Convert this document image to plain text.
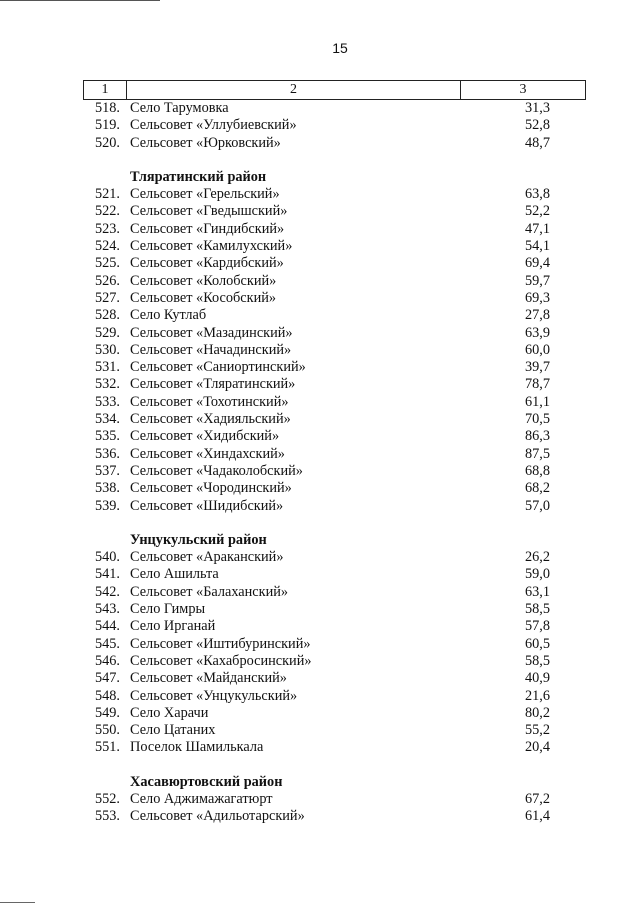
15
1	2	3
518. Село Тарумовка	31,3
519. Сельсовет «Уллубиевский»	52,8
520. Сельсовет «Юрковский»	48,7
Тляратинский район
521. Сельсовет «Герельский»	63,8
522. Сельсовет «Гведышский»	52,2
523. Сельсовет «Гиндибский»	47,1
524. Сельсовет «Камилухский»	54,1
525. Сельсовет «Кардибский»	69,4
526. Сельсовет «Колобский»	59,7
527. Сельсовет «Кособский»	69,3
528. Село Кутлаб	27,8
529. Сельсовет «Мазадинский»	63,9
530. Сельсовет «Начадинский»	60,0
531. Сельсовет «Саниортинский»	39,7
532. Сельсовет «Тляратинский»	78,7
533. Сельсовет «Тохотинский»	61,1
534. Сельсовет «Хадияльский»	70,5
535. Сельсовет «Хидибский»	86,3
536. Сельсовет «Хиндахский»	87,5
537. Сельсовет «Чадаколобский»	68,8
538. Сельсовет «Чородинский»	68,2
539. Сельсовет «Шидибский»	57,0
Унцукульский район
540. Сельсовет «Араканский»	26,2
541. Село Ашильта	59,0
542. Сельсовет «Балаханский»	63,1
543. Село Гимры	58,5
544. Село Ирганай	57,8
545. Сельсовет «Иштибуринский»	60,5
546. Сельсовет «Кахабросинский»	58,5
547. Сельсовет «Майданский»	40,9
548. Сельсовет «Унцукульский»	21,6
549. Село Харачи	80,2
550. Село Цатаних	55,2
551. Поселок Шамилькала	20,4
Хасавюртовский район
552. Село Аджимажагатюрт	67,2
553. Сельсовет «Адильотарский»	61,4
